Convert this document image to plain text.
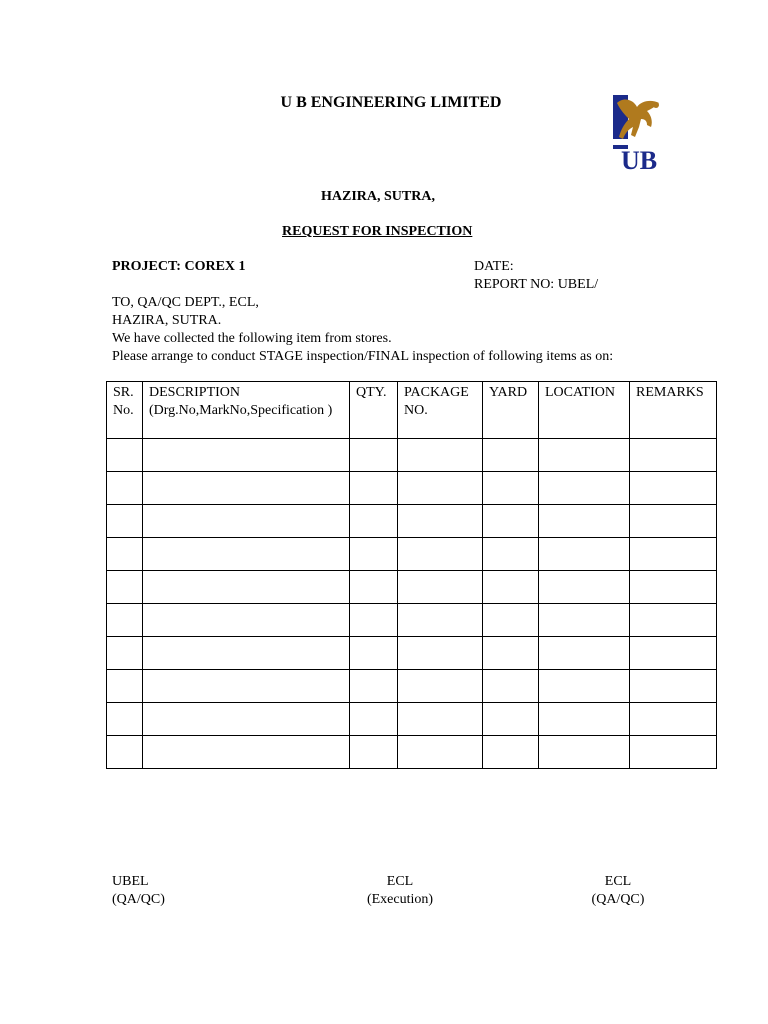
U B ENGINEERING LIMITED
UB
HAZIRA, SUTRA,
REQUEST FOR INSPECTION
PROJECT: COREX 1	DATE:
REPORT NO: UBEL/
TO, QA/QC DEPT., ECL,
HAZIRA, SUTRA.
We have collected the following item from stores.
Please arrange to conduct STAGE inspection/FINAL inspection of following items as on:
SR. No.	DESCRIPTION (Drg.No,MarkNo,Specification )	QTY.	PACKAGE NO.	YARD	LOCATION	REMARKS

UBEL
(QA/QC)
ECL
(Execution)
ECL
(QA/QC)
